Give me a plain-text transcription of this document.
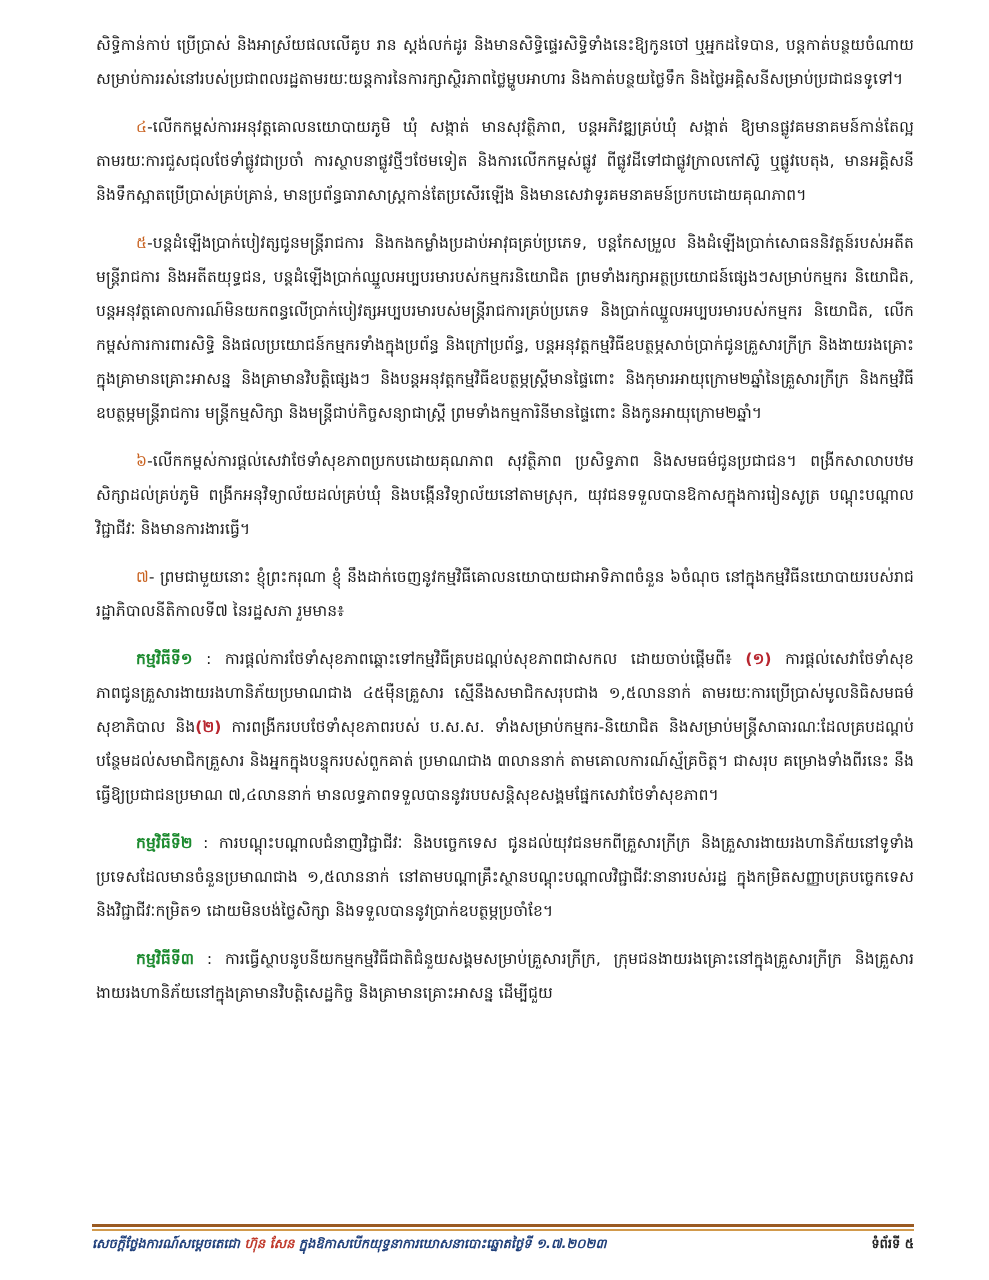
សិទ្ធិកាន់កាប់ ប្រើប្រាស់ និងអាស្រ័យផលលើគូប រាន ស្តង់លក់ដូរ និងមានសិទ្ធិផ្ទេរសិទ្ធិទាំងនេះឱ្យកូនចៅ ឬអ្នកដទៃបាន, បន្តកាត់បន្ថយចំណាយសម្រាប់ការរស់នៅរបស់ប្រជាពលរដ្ឋតាមរយៈយន្តការនៃការក្សាស្ថិរភាពថ្លៃម្ហូបអាហារ និងកាត់បន្ថយថ្លៃទឹក និងថ្លៃអគ្គិសនីសម្រាប់ប្រជាជនទូទៅ។

៤-លើកកម្ពស់ការអនុវត្តគោលនយោបាយភូមិ ឃុំ សង្កាត់ មានសុវត្ថិភាព, បន្តអភិវឌ្ឍគ្រប់ឃុំ សង្កាត់ ឱ្យមានផ្លូវគមនាគមន៍កាន់តែល្អ តាមរយៈការជួសជុលថែទាំផ្លូវជាប្រចាំ ការស្ថាបនាផ្លូវថ្មីៗថែមទៀត និងការលើកកម្ពស់ផ្លូវ ពីផ្លូវដីទៅជាផ្លូវក្រាលកៅស៊ូ ឬផ្លូវបេតុង, មានអគ្គិសនី និងទឹកស្អាតប្រើប្រាស់គ្រប់គ្រាន់, មានប្រព័ន្ធធារាសាស្ត្រកាន់តែប្រសើរឡើង និងមានសេវាទូរគមនាគមន៍ប្រកបដោយគុណភាព។

៥-បន្តដំឡើងប្រាក់បៀវត្សជូនមន្ត្រីរាជការ និងកងកម្លាំងប្រដាប់អាវុធគ្រប់ប្រភេទ, បន្តកែសម្រួល និងដំឡើងប្រាក់សោធននិវត្តន៍របស់អតីតមន្ត្រីរាជការ និងអតីតយុទ្ធជន, បន្តដំឡើងប្រាក់ឈ្នួលអប្បបរមារបស់កម្មករនិយោជិត ព្រមទាំងរក្សាអត្ថប្រយោជន៍ផ្សេងៗសម្រាប់កម្មករ និយោជិត, បន្តអនុវត្តគោលការណ៍មិនយកពន្ធលើប្រាក់បៀវត្សអប្បបរមារបស់មន្ត្រីរាជការគ្រប់ប្រភេទ និងប្រាក់ឈ្នួលអប្បបរមារបស់កម្មករ និយោជិត, លើកកម្ពស់ការការពារសិទ្ធិ និងផលប្រយោជន៍កម្មករទាំងក្នុងប្រព័ន្ធ និងក្រៅប្រព័ន្ធ, បន្តអនុវត្តកម្មវិធីឧបត្ថម្ភសាច់ប្រាក់ជូនគ្រួសារក្រីក្រ និងងាយរងគ្រោះក្នុងគ្រាមានគ្រោះអាសន្ន និងគ្រាមានវិបត្តិផ្សេងៗ និងបន្តអនុវត្តកម្មវិធីឧបត្ថម្ភស្ត្រីមានផ្ទៃពោះ និងកុមារអាយុក្រោម២ឆ្នាំនៃគ្រួសារក្រីក្រ និងកម្មវិធីឧបត្ថម្ភមន្ត្រីរាជការ មន្ត្រីកម្មសិក្សា និងមន្ត្រីជាប់កិច្ចសន្យាជាស្ត្រី ព្រមទាំងកម្មការិនីមានផ្ទៃពោះ និងកូនអាយុក្រោម២ឆ្នាំ។

៦-លើកកម្ពស់ការផ្តល់សេវាថែទាំសុខភាពប្រកបដោយគុណភាព សុវត្ថិភាព ប្រសិទ្ធភាព និងសមធម៌ជូនប្រជាជន។ ពង្រីកសាលាបឋមសិក្សាដល់គ្រប់ភូមិ ពង្រីកអនុវិទ្យាល័យដល់គ្រប់ឃុំ និងបង្កើនវិទ្យាល័យនៅតាមស្រុក, យុវជនទទួលបានឱកាសក្នុងការរៀនសូត្រ បណ្តុះបណ្តាលវិជ្ជាជីវៈ និងមានការងារធ្វើ។

៧- ព្រមជាមួយនោះ ខ្ញុំព្រះករុណា ខ្ញុំ នឹងដាក់ចេញនូវកម្មវិធីគោលនយោបាយជាអាទិភាពចំនួន ៦ចំណុច នៅក្នុងកម្មវិធីនយោបាយរបស់រាជរដ្ឋាភិបាលនីតិកាលទី៧ នៃរដ្ឋសភា រួមមាន៖

កម្មវិធីទី១ : ការផ្តល់ការថែទាំសុខភាពឆ្ពោះទៅកម្មវិធីគ្របដណ្តប់សុខភាពជាសកល ដោយចាប់ផ្តើមពី៖ (១) ការផ្តល់សេវាថែទាំសុខភាពជូនគ្រួសារងាយរងហានិភ័យប្រមាណជាង ៤៥ម៉ឺនគ្រួសារ ស្មើនឹងសមាជិកសរុបជាង ១,៥លាននាក់ តាមរយៈការប្រើប្រាស់មូលនិធិសមធម៌សុខាភិបាល និង(២) ការពង្រីករបបថែទាំសុខភាពរបស់ ប.ស.ស. ទាំងសម្រាប់កម្មករ-និយោជិត និងសម្រាប់មន្ត្រីសាធារណៈដែលគ្របដណ្តប់បន្ថែមដល់សមាជិកគ្រួសារ និងអ្នកក្នុងបន្ទុករបស់ពួកគាត់ ប្រមាណជាង ៣លាននាក់ តាមគោលការណ៍ស្ម័គ្រចិត្ត។ ជាសរុប គម្រោងទាំងពីរនេះ នឹងធ្វើឱ្យប្រជាជនប្រមាណ ៧,៤លាននាក់ មានលទ្ធភាពទទួលបាននូវរបបសន្តិសុខសង្គមផ្នែកសេវាថែទាំសុខភាព។

កម្មវិធីទី២ : ការបណ្តុះបណ្តាលជំនាញវិជ្ជាជីវៈ និងបច្ចេកទេស ជូនដល់យុវជនមកពីគ្រួសារក្រីក្រ និងគ្រួសារងាយរងហានិភ័យនៅទូទាំងប្រទេសដែលមានចំនួនប្រមាណជាង ១,៥លាននាក់ នៅតាមបណ្តាគ្រឹះស្ថានបណ្តុះបណ្តាលវិជ្ជាជីវៈនានារបស់រដ្ឋ ក្នុងកម្រិតសញ្ញាបត្របច្ចេកទេស និងវិជ្ជាជីវៈកម្រិត១ ដោយមិនបង់ថ្លៃសិក្សា និងទទួលបាននូវប្រាក់ឧបត្ថម្ភប្រចាំខែ។

កម្មវិធីទី៣ : ការធ្វើស្ថាបនូបនីយកម្មកម្មវិធីជាតិជំនួយសង្គមសម្រាប់គ្រួសារក្រីក្រ, ក្រុមជនងាយរងគ្រោះនៅក្នុងគ្រួសារក្រីក្រ និងគ្រួសារងាយរងហានិភ័យនៅក្នុងគ្រាមានវិបត្តិសេដ្ឋកិច្ច និងគ្រាមានគ្រោះអាសន្ន ដើម្បីជួយ

សេចក្តីថ្លែងការណ៍សម្តេចតេជោ ហ៊ុន សែន ក្នុងឱកាសបើកយុទ្ធនាការឃោសនាបោះឆ្នោតថ្ងៃទី ១.៧.២០២៣	ទំព័រទី ៥
